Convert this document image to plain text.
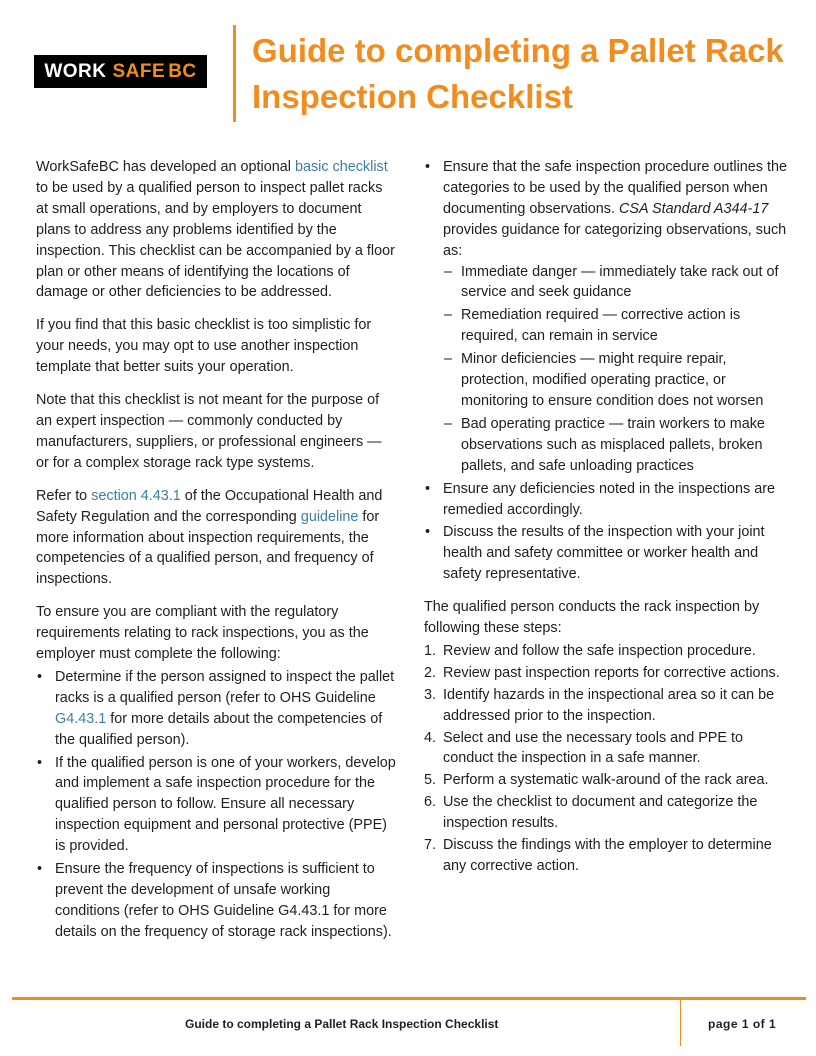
WORK SAFE BC
Guide to completing a Pallet Rack Inspection Checklist

WorkSafeBC has developed an optional basic checklist to be used by a qualified person to inspect pallet racks at small operations, and by employers to document plans to address any problems identified by the inspection. This checklist can be accompanied by a floor plan or other means of identifying the locations of damage or other deficiencies to be addressed.

If you find that this basic checklist is too simplistic for your needs, you may opt to use another inspection template that better suits your operation.

Note that this checklist is not meant for the purpose of an expert inspection — commonly conducted by manufacturers, suppliers, or professional engineers — or for a complex storage rack type systems.

Refer to section 4.43.1 of the Occupational Health and Safety Regulation and the corresponding guideline for more information about inspection requirements, the competencies of a qualified person, and frequency of inspections.

To ensure you are compliant with the regulatory requirements relating to rack inspections, you as the employer must complete the following:

• Determine if the person assigned to inspect the pallet racks is a qualified person (refer to OHS Guideline G4.43.1 for more details about the competencies of the qualified person).
• If the qualified person is one of your workers, develop and implement a safe inspection procedure for the qualified person to follow. Ensure all necessary inspection equipment and personal protective (PPE) is provided.
• Ensure the frequency of inspections is sufficient to prevent the development of unsafe working conditions (refer to OHS Guideline G4.43.1 for more details on the frequency of storage rack inspections).
• Ensure that the safe inspection procedure outlines the categories to be used by the qualified person when documenting observations. CSA Standard A344-17 provides guidance for categorizing observations, such as:
– Immediate danger — immediately take rack out of service and seek guidance
– Remediation required — corrective action is required, can remain in service
– Minor deficiencies — might require repair, protection, modified operating practice, or monitoring to ensure condition does not worsen
– Bad operating practice — train workers to make observations such as misplaced pallets, broken pallets, and safe unloading practices
• Ensure any deficiencies noted in the inspections are remedied accordingly.
• Discuss the results of the inspection with your joint health and safety committee or worker health and safety representative.

The qualified person conducts the rack inspection by following these steps:

1. Review and follow the safe inspection procedure.
2. Review past inspection reports for corrective actions.
3. Identify hazards in the inspectional area so it can be addressed prior to the inspection.
4. Select and use the necessary tools and PPE to conduct the inspection in a safe manner.
5. Perform a systematic walk-around of the rack area.
6. Use the checklist to document and categorize the inspection results.
7. Discuss the findings with the employer to determine any corrective action.
Guide to completing a Pallet Rack Inspection Checklist	page 1 of 1
